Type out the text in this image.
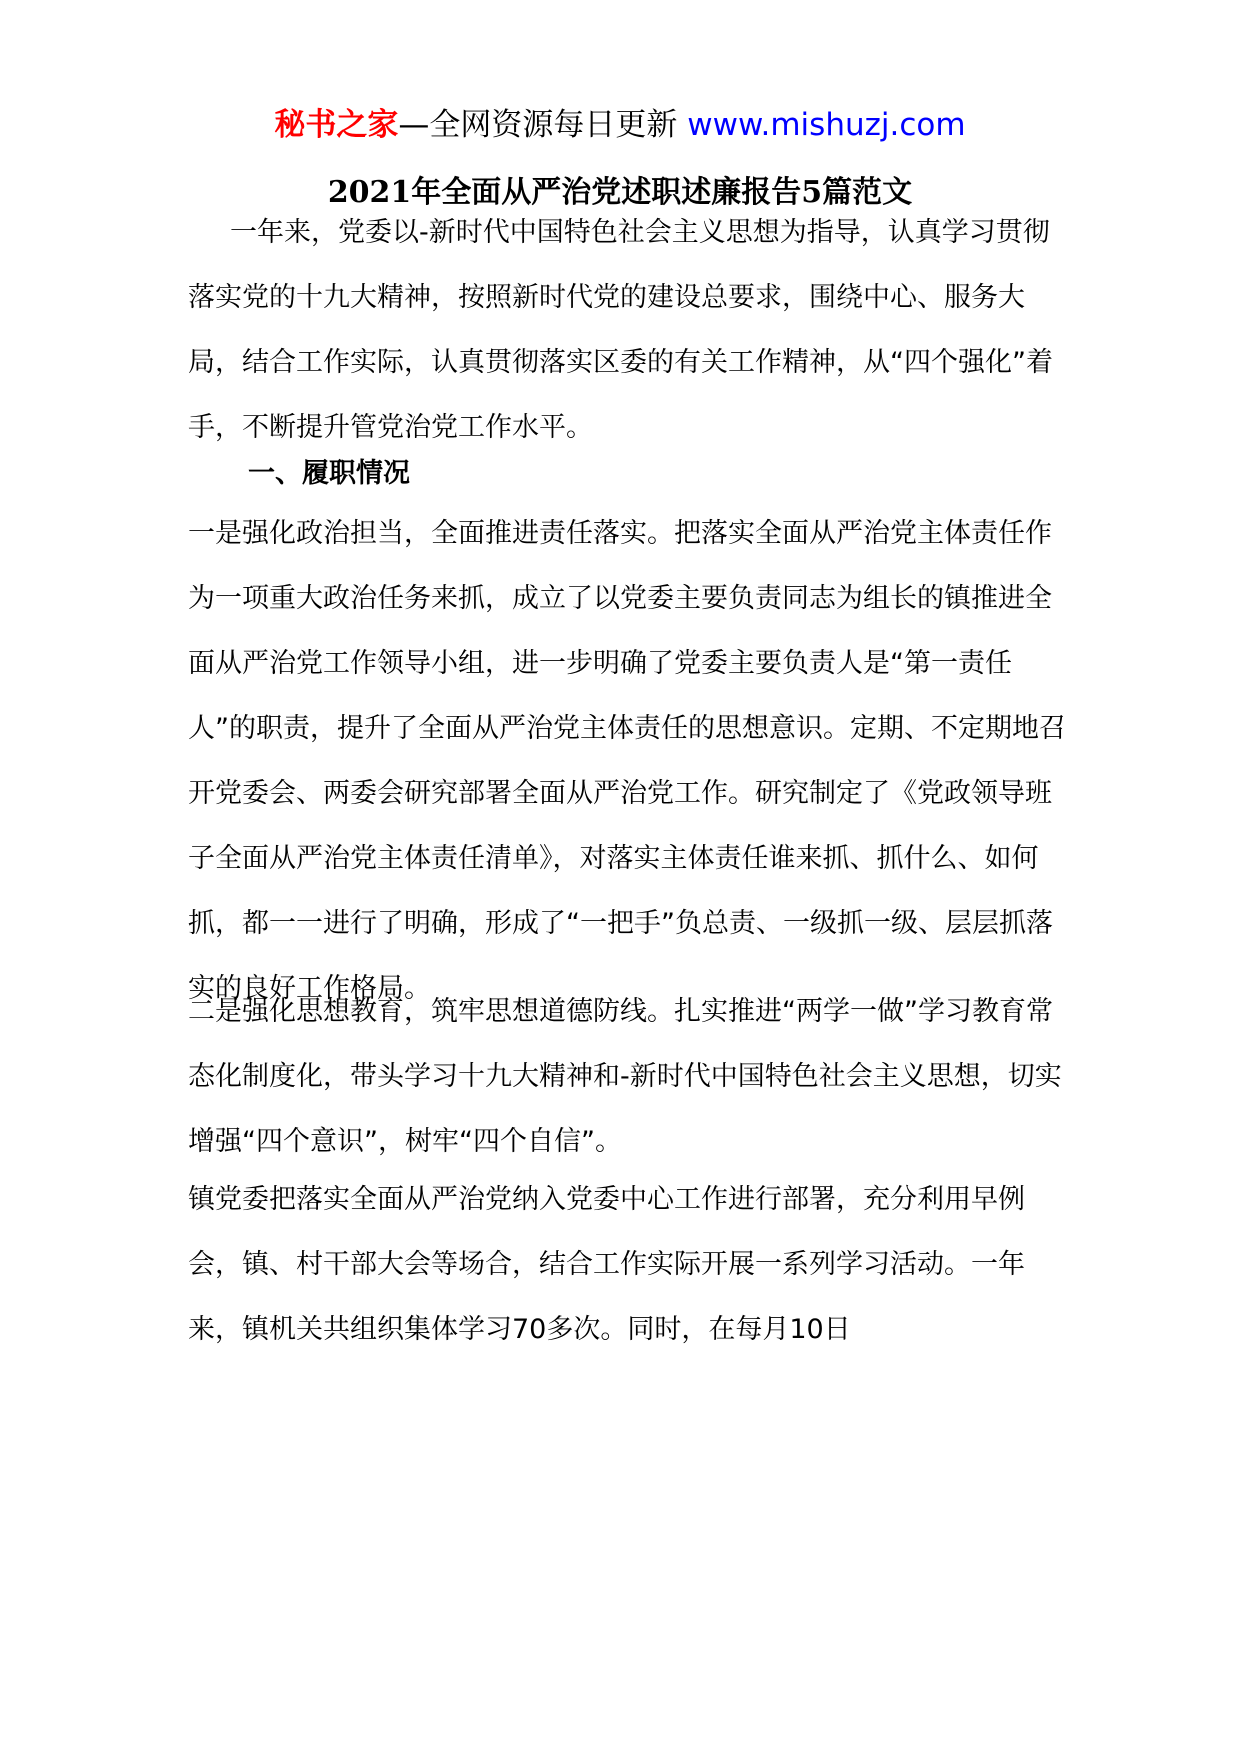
秘书之家—全网资源每日更新 www.mishuzj.com
2021年全面从严治党述职述廉报告5篇范文

一年来，党委以-新时代中国特色社会主义思想为指导，认真学习贯彻落实党的十九大精神，按照新时代党的建设总要求，围绕中心、服务大局，结合工作实际，认真贯彻落实区委的有关工作精神，从“四个强化”着手，不断提升管党治党工作水平。

一、履职情况

一是强化政治担当，全面推进责任落实。把落实全面从严治党主体责任作为一项重大政治任务来抓，成立了以党委主要负责同志为组长的镇推进全面从严治党工作领导小组，进一步明确了党委主要负责人是“第一责任人”的职责，提升了全面从严治党主体责任的思想意识。定期、不定期地召开党委会、两委会研究部署全面从严治党工作。研究制定了《党政领导班子全面从严治党主体责任清单》，对落实主体责任谁来抓、抓什么、如何抓，都一一进行了明确，形成了“一把手”负总责、一级抓一级、层层抓落实的良好工作格局。

二是强化思想教育，筑牢思想道德防线。扎实推进“两学一做”学习教育常态化制度化，带头学习十九大精神和-新时代中国特色社会主义思想，切实增强“四个意识”，树牢“四个自信”。

镇党委把落实全面从严治党纳入党委中心工作进行部署，充分利用早例会，镇、村干部大会等场合，结合工作实际开展一系列学习活动。一年来，镇机关共组织集体学习70多次。同时，在每月10日
